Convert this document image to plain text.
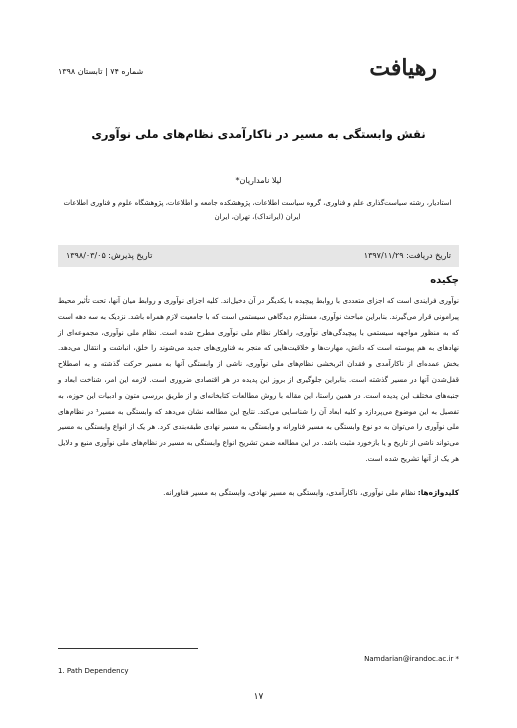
رهیافت
شماره ۷۴ | تابستان ۱۳۹۸
نقش وابستگی به مسیر در ناکارآمدی نظام‌های ملی نوآوری
لیلا نامداریان*
استادیار، رشته سیاست‌گذاری علم و فناوری، گروه سیاست اطلاعات، پژوهشکده جامعه و اطلاعات، پژوهشگاه علوم و فناوری اطلاعات ایران (ایرانداک)، تهران، ایران
تاریخ دریافت: ۱۳۹۷/۱۱/۲۹
تاریخ پذیرش: ۱۳۹۸/۰۳/۰۵
چکیده

نوآوری فرایندی است که اجزای متعددی با روابط پیچیده با یکدیگر در آن دخیل‌اند. کلیه اجزای نوآوری و روابط میان آنها، تحت تأثیر محیط پیرامونی قرار می‌گیرند. بنابراین مباحث نوآوری، مستلزم دیدگاهی سیستمی است که با جامعیت لازم همراه باشد. نزدیک به سه دهه است که به منظور مواجهه سیستمی با پیچیدگی‌های نوآوری، راهکار نظام ملی نوآوری مطرح شده است. نظام ملی نوآوری، مجموعه‌ای از نهادهای به هم پیوسته است که دانش، مهارت‌ها و خلاقیت‌هایی که منجر به فناوری‌های جدید می‌شوند را خلق، انباشت و انتقال می‌دهد. بخش عمده‌ای از ناکارآمدی و فقدان اثربخشی نظام‌های ملی نوآوری، ناشی از وابستگی آنها به مسیر حرکت گذشته و به اصطلاح قفل‌شدن آنها در مسیر گذشته است. بنابراین جلوگیری از بروز این پدیده در هر اقتصادی ضروری است. لازمه این امر، شناخت ابعاد و جنبه‌های مختلف این پدیده است. در همین راستا، این مقاله با روش مطالعات کتابخانه‌ای و از طریق بررسی متون و ادبیات این حوزه، به تفصیل به این موضوع می‌پردازد و کلیه ابعاد آن را شناسایی می‌کند. نتایج این مطالعه نشان می‌دهد که وابستگی به مسیر¹ در نظام‌های ملی نوآوری را می‌توان به دو نوع وابستگی به مسیر فناورانه و وابستگی به مسیر نهادی طبقه‌بندی کرد. هر یک از انواع وابستگی به مسیر می‌تواند ناشی از تاریخ و یا بازخورد مثبت باشد. در این مطالعه ضمن تشریح انواع وابستگی به مسیر در نظام‌های ملی نوآوری منبع و دلایل هر یک از آنها تشریح شده است.

کلیدواژه‌ها: نظام ملی نوآوری، ناکارآمدی، وابستگی به مسیر نهادی، وابستگی به مسیر فناورانه.
Namdarian@irandoc.ac.ir *
1. Path Dependency
۱۷
